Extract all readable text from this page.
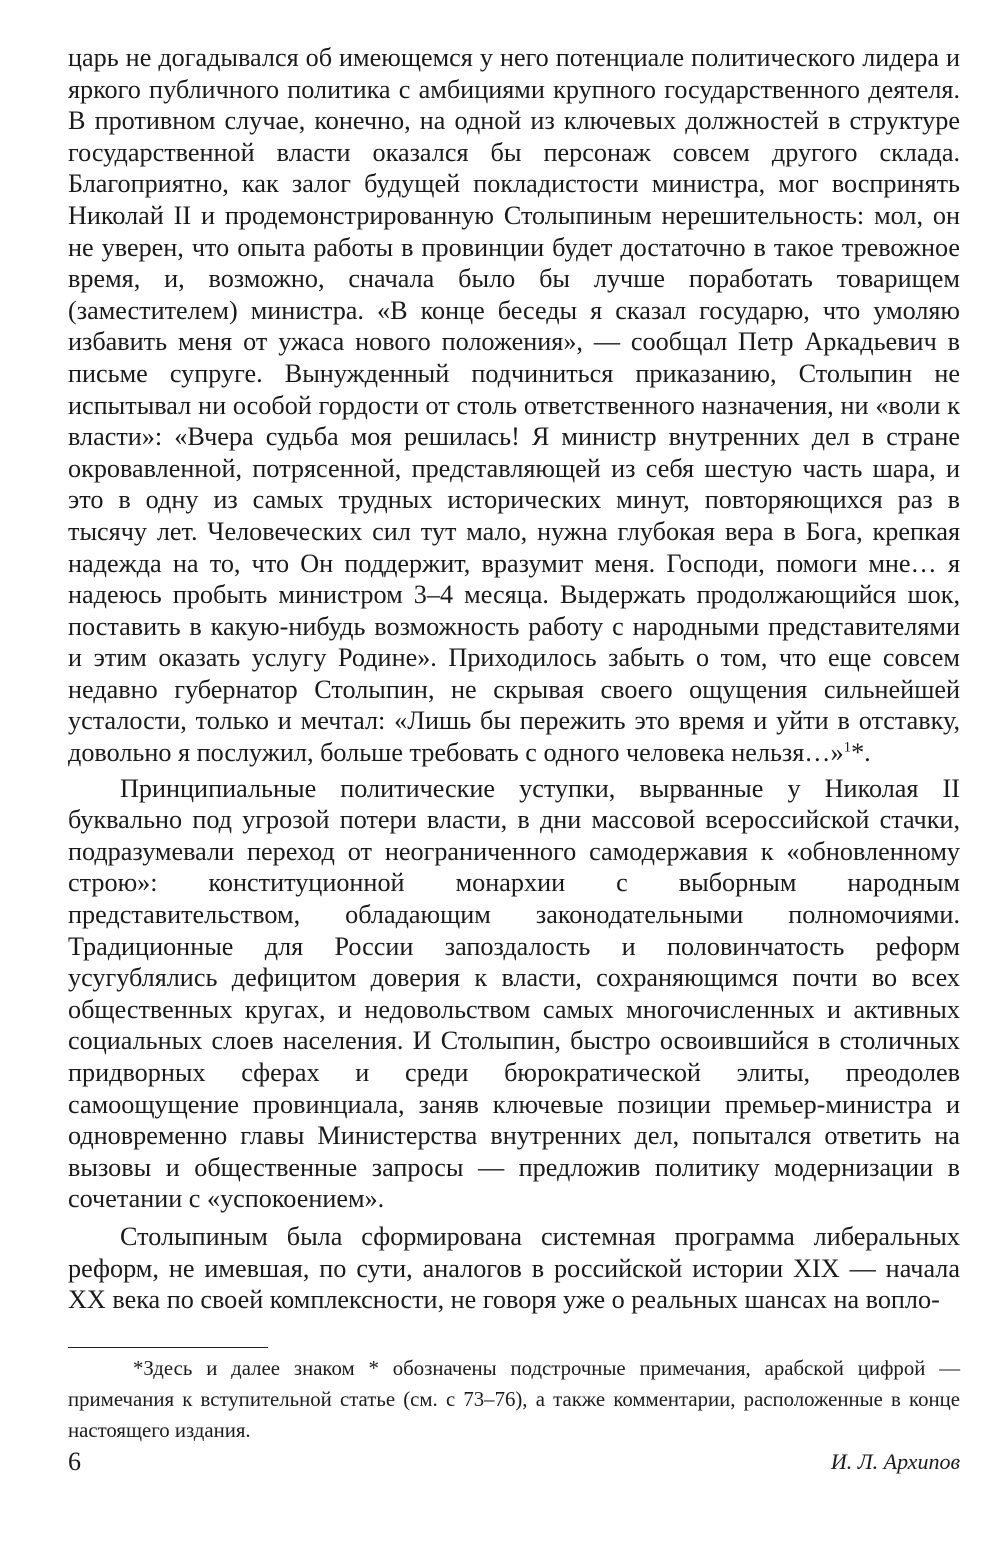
царь не догадывался об имеющемся у него потенциале политического лидера и яркого публичного политика с амбициями крупного государственного деятеля. В противном случае, конечно, на одной из ключевых должностей в структуре государственной власти оказался бы персонаж совсем другого склада. Благоприятно, как залог будущей покладистости министра, мог воспринять Николай II и продемонстрированную Столыпиным нерешительность: мол, он не уверен, что опыта работы в провинции будет достаточно в такое тревожное время, и, возможно, сначала было бы лучше поработать товарищем (заместителем) министра. «В конце беседы я сказал государю, что умоляю избавить меня от ужаса нового положения», — сообщал Петр Аркадьевич в письме супруге. Вынужденный подчиниться приказанию, Столыпин не испытывал ни особой гордости от столь ответственного назначения, ни «воли к власти»: «Вчера судьба моя решилась! Я министр внутренних дел в стране окровавленной, потрясенной, представляющей из себя шестую часть шара, и это в одну из самых трудных исторических минут, повторяющихся раз в тысячу лет. Человеческих сил тут мало, нужна глубокая вера в Бога, крепкая надежда на то, что Он поддержит, вразумит меня. Господи, помоги мне… я надеюсь пробыть министром 3–4 месяца. Выдержать продолжающийся шок, поставить в какую-нибудь возможность работу с народными представителями и этим оказать услугу Родине». Приходилось забыть о том, что еще совсем недавно губернатор Столыпин, не скрывая своего ощущения сильнейшей усталости, только и мечтал: «Лишь бы пережить это время и уйти в отставку, довольно я послужил, больше требовать с одного человека нельзя…»$^1$*.

Принципиальные политические уступки, вырванные у Николая II буквально под угрозой потери власти, в дни массовой всероссийской стачки, подразумевали переход от неограниченного самодержавия к «обновленному строю»: конституционной монархии с выборным народным представительством, обладающим законодательными полномочиями. Традиционные для России запоздалость и половинчатость реформ усугублялись дефицитом доверия к власти, сохраняющимся почти во всех общественных кругах, и недовольством самых многочисленных и активных социальных слоев населения. И Столыпин, быстро освоившийся в столичных придворных сферах и среди бюрократической элиты, преодолев самоощущение провинциала, заняв ключевые позиции премьер-министра и одновременно главы Министерства внутренних дел, попытался ответить на вызовы и общественные запросы — предложив политику модернизации в сочетании с «успокоением».

Столыпиным была сформирована системная программа либеральных реформ, не имевшая, по сути, аналогов в российской истории XIX — начала XX века по своей комплексности, не говоря уже о реальных шансах на вопло-

*Здесь и далее знаком * обозначены подстрочные примечания, арабской цифрой — примечания к вступительной статье (см. с 73–76), а также комментарии, расположенные в конце настоящего издания.
6	И. Л. Архипов
